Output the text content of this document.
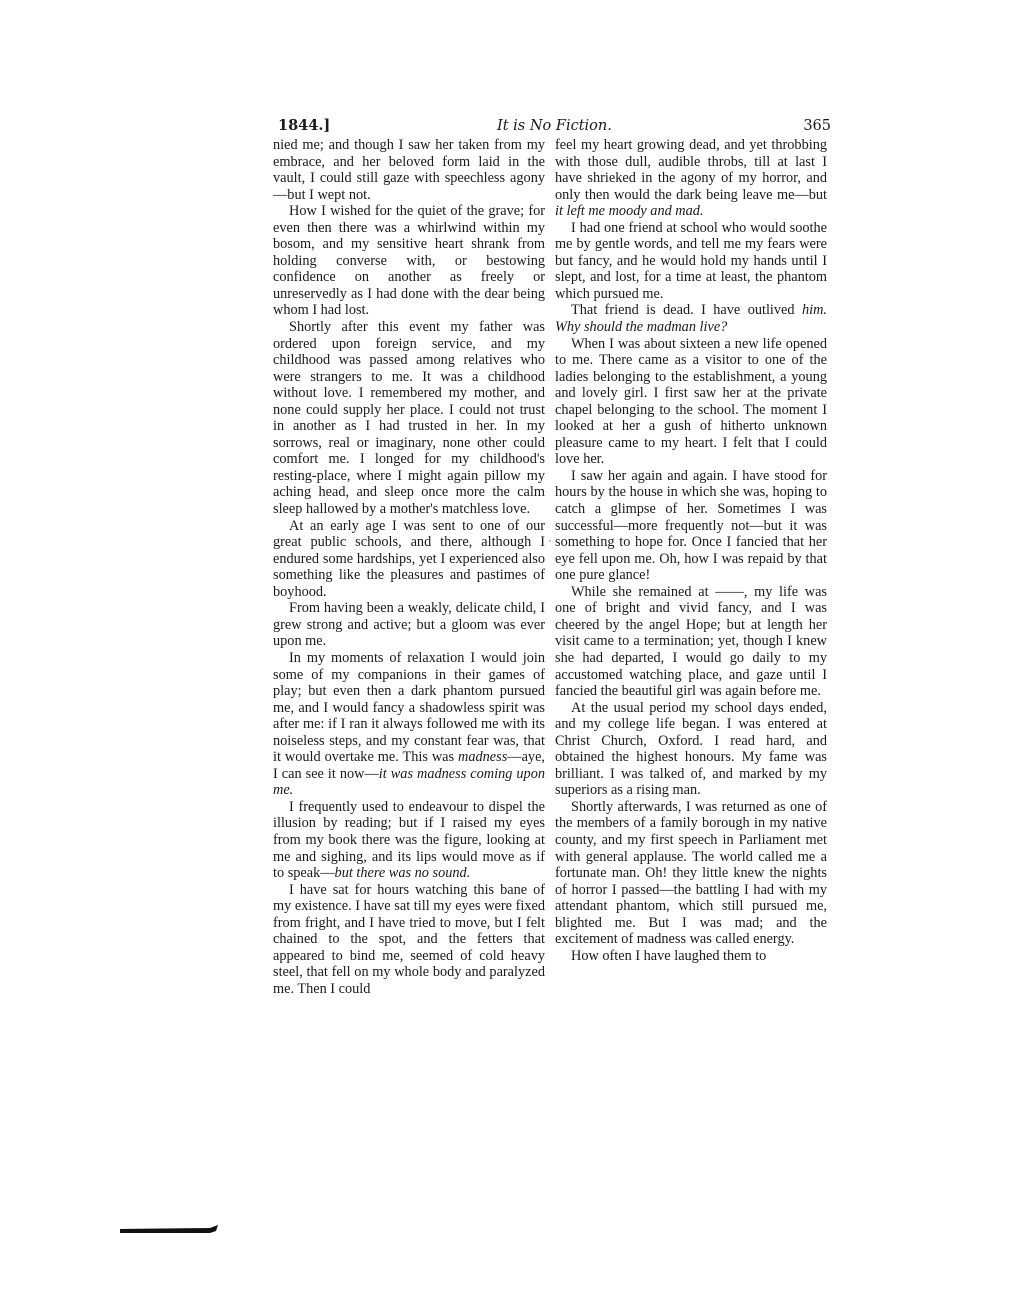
1844.]	It is No Fiction.	365

nied me; and though I saw her taken from my embrace, and her beloved form laid in the vault, I could still gaze with speechless agony—but I wept not.

How I wished for the quiet of the grave; for even then there was a whirlwind within my bosom, and my sensitive heart shrank from holding converse with, or bestowing confidence on another as freely or unreservedly as I had done with the dear being whom I had lost.

Shortly after this event my father was ordered upon foreign service, and my childhood was passed among relatives who were strangers to me. It was a childhood without love. I remembered my mother, and none could supply her place. I could not trust in another as I had trusted in her. In my sorrows, real or imaginary, none other could comfort me. I longed for my childhood's resting-place, where I might again pillow my aching head, and sleep once more the calm sleep hallowed by a mother's matchless love.

At an early age I was sent to one of our great public schools, and there, although I endured some hardships, yet I experienced also something like the pleasures and pastimes of boyhood.

From having been a weakly, delicate child, I grew strong and active; but a gloom was ever upon me.

In my moments of relaxation I would join some of my companions in their games of play; but even then a dark phantom pursued me, and I would fancy a shadowless spirit was after me: if I ran it always followed me with its noiseless steps, and my constant fear was, that it would overtake me. This was madness—aye, I can see it now—it was madness coming upon me.

I frequently used to endeavour to dispel the illusion by reading; but if I raised my eyes from my book there was the figure, looking at me and sighing, and its lips would move as if to speak—but there was no sound.

I have sat for hours watching this bane of my existence. I have sat till my eyes were fixed from fright, and I have tried to move, but I felt chained to the spot, and the fetters that appeared to bind me, seemed of cold heavy steel, that fell on my whole body and paralyzed me. Then I could

feel my heart growing dead, and yet throbbing with those dull, audible throbs, till at last I have shrieked in the agony of my horror, and only then would the dark being leave me—but it left me moody and mad.

I had one friend at school who would soothe me by gentle words, and tell me my fears were but fancy, and he would hold my hands until I slept, and lost, for a time at least, the phantom which pursued me.

That friend is dead. I have outlived him. Why should the madman live?

When I was about sixteen a new life opened to me. There came as a visitor to one of the ladies belonging to the establishment, a young and lovely girl. I first saw her at the private chapel belonging to the school. The moment I looked at her a gush of hitherto unknown pleasure came to my heart. I felt that I could love her.

I saw her again and again. I have stood for hours by the house in which she was, hoping to catch a glimpse of her. Sometimes I was successful—more frequently not—but it was something to hope for. Once I fancied that her eye fell upon me. Oh, how I was repaid by that one pure glance!

While she remained at ——, my life was one of bright and vivid fancy, and I was cheered by the angel Hope; but at length her visit came to a termination; yet, though I knew she had departed, I would go daily to my accustomed watching place, and gaze until I fancied the beautiful girl was again before me.

At the usual period my school days ended, and my college life began. I was entered at Christ Church, Oxford. I read hard, and obtained the highest honours. My fame was brilliant. I was talked of, and marked by my superiors as a rising man.

Shortly afterwards, I was returned as one of the members of a family borough in my native county, and my first speech in Parliament met with general applause. The world called me a fortunate man. Oh! they little knew the nights of horror I passed—the battling I had with my attendant phantom, which still pursued me, blighted me. But I was mad; and the excitement of madness was called energy.

How often I have laughed them to

˚
